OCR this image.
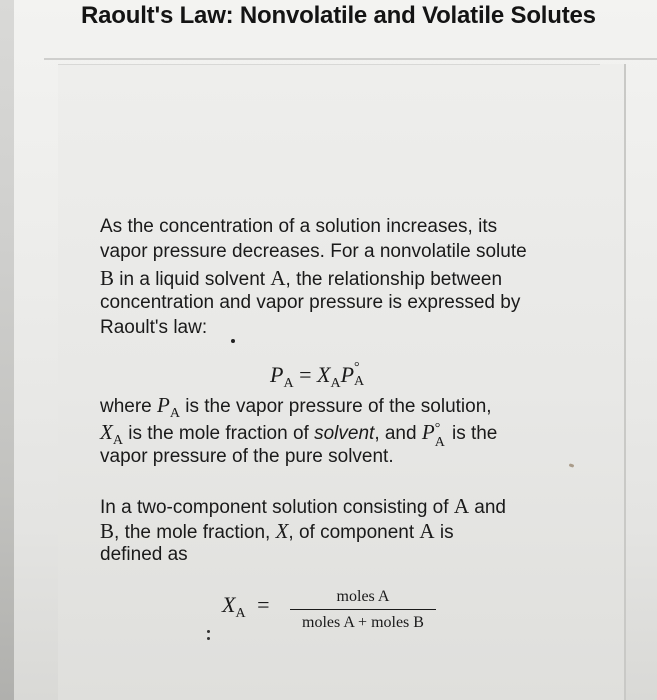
Raoult's Law: Nonvolatile and Volatile Solutes
As the concentration of a solution increases, its
vapor pressure decreases. For a nonvolatile solute
B in a liquid solvent A, the relationship between
concentration and vapor pressure is expressed by
Raoult's law:
$P_A = X_AP$ °
A
where $P_A$ is the vapor pressure of the solution,
$X_A$ is the mole fraction of solvent, and P °
A is the
vapor pressure of the pure solvent.
In a two-component solution consisting of A and
B, the mole fraction, X, of component A is
defined as
$X_A$ =	moles A
moles A + moles B
